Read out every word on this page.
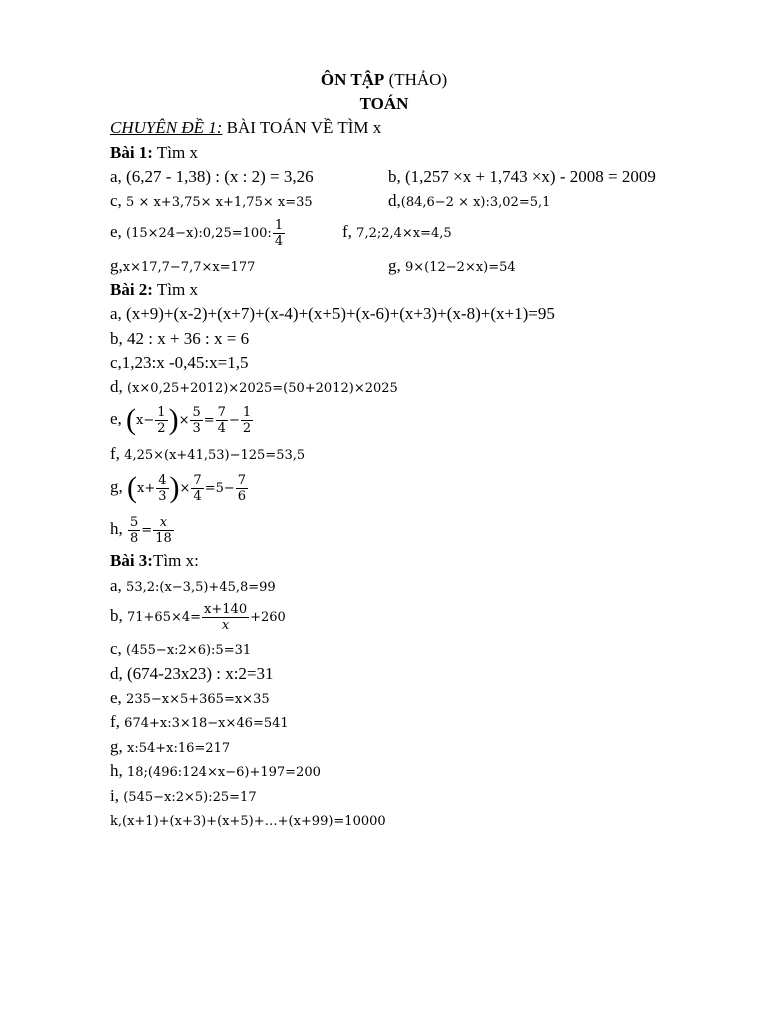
ÔN TẬP (THẢO)
TOÁN
CHUYÊN ĐỀ 1: BÀI TOÁN VỀ TÌM x
Bài 1: Tìm x
a, (6,27 - 1,38) : (x : 2) = 3,26	b, (1,257 ×x + 1,743 ×x) - 2008 = 2009
c, 5 × x+3,75× x+1,75× x=35	d,(84,6−2 × x):3,02=5,1
e, (15×24−x):0,25=100: $\frac{1}{4}$	f, 7,2;2,4×x=4,5
g,x×17,7−7,7×x=177	g, 9×(12−2×x)=54
Bài 2: Tìm x
a, (x+9)+(x-2)+(x+7)+(x-4)+(x+5)+(x-6)+(x+3)+(x-8)+(x+1)=95
b, 42 : x + 36 : x = 6
c,1,23:x -0,45:x=1,5
d, (x×0,25+2012)×2025=(50+2012)×2025
e, ($x- \frac{1}{2}$ )× $\frac{5}{3} = \frac{7}{4} - \frac{1}{2}$
f, 4,25×(x+41,53)−125=53,5
g, ($x+ \frac{4}{3}$ )× $\frac{7}{4} =5- \frac{7}{6}$
h, $\frac{5}{8} = \frac{x}{18}$
Bài 3:Tìm x:
a, 53,2:(x−3,5)+45,8=99
b, $71+65\times 4= \frac{x+140}{x} +260$
c, (455−x:2×6):5=31
d, (674-23x23) : x:2=31
e, 235−x×5+365=x×35
f, 674+x:3×18−x×46=541
g, x:54+x:16=217
h, 18;(496:124×x−6)+197=200
i, (545−x:2×5):25=17
k,(x+1)+(x+3)+(x+5)+…+(x+99)=10000
